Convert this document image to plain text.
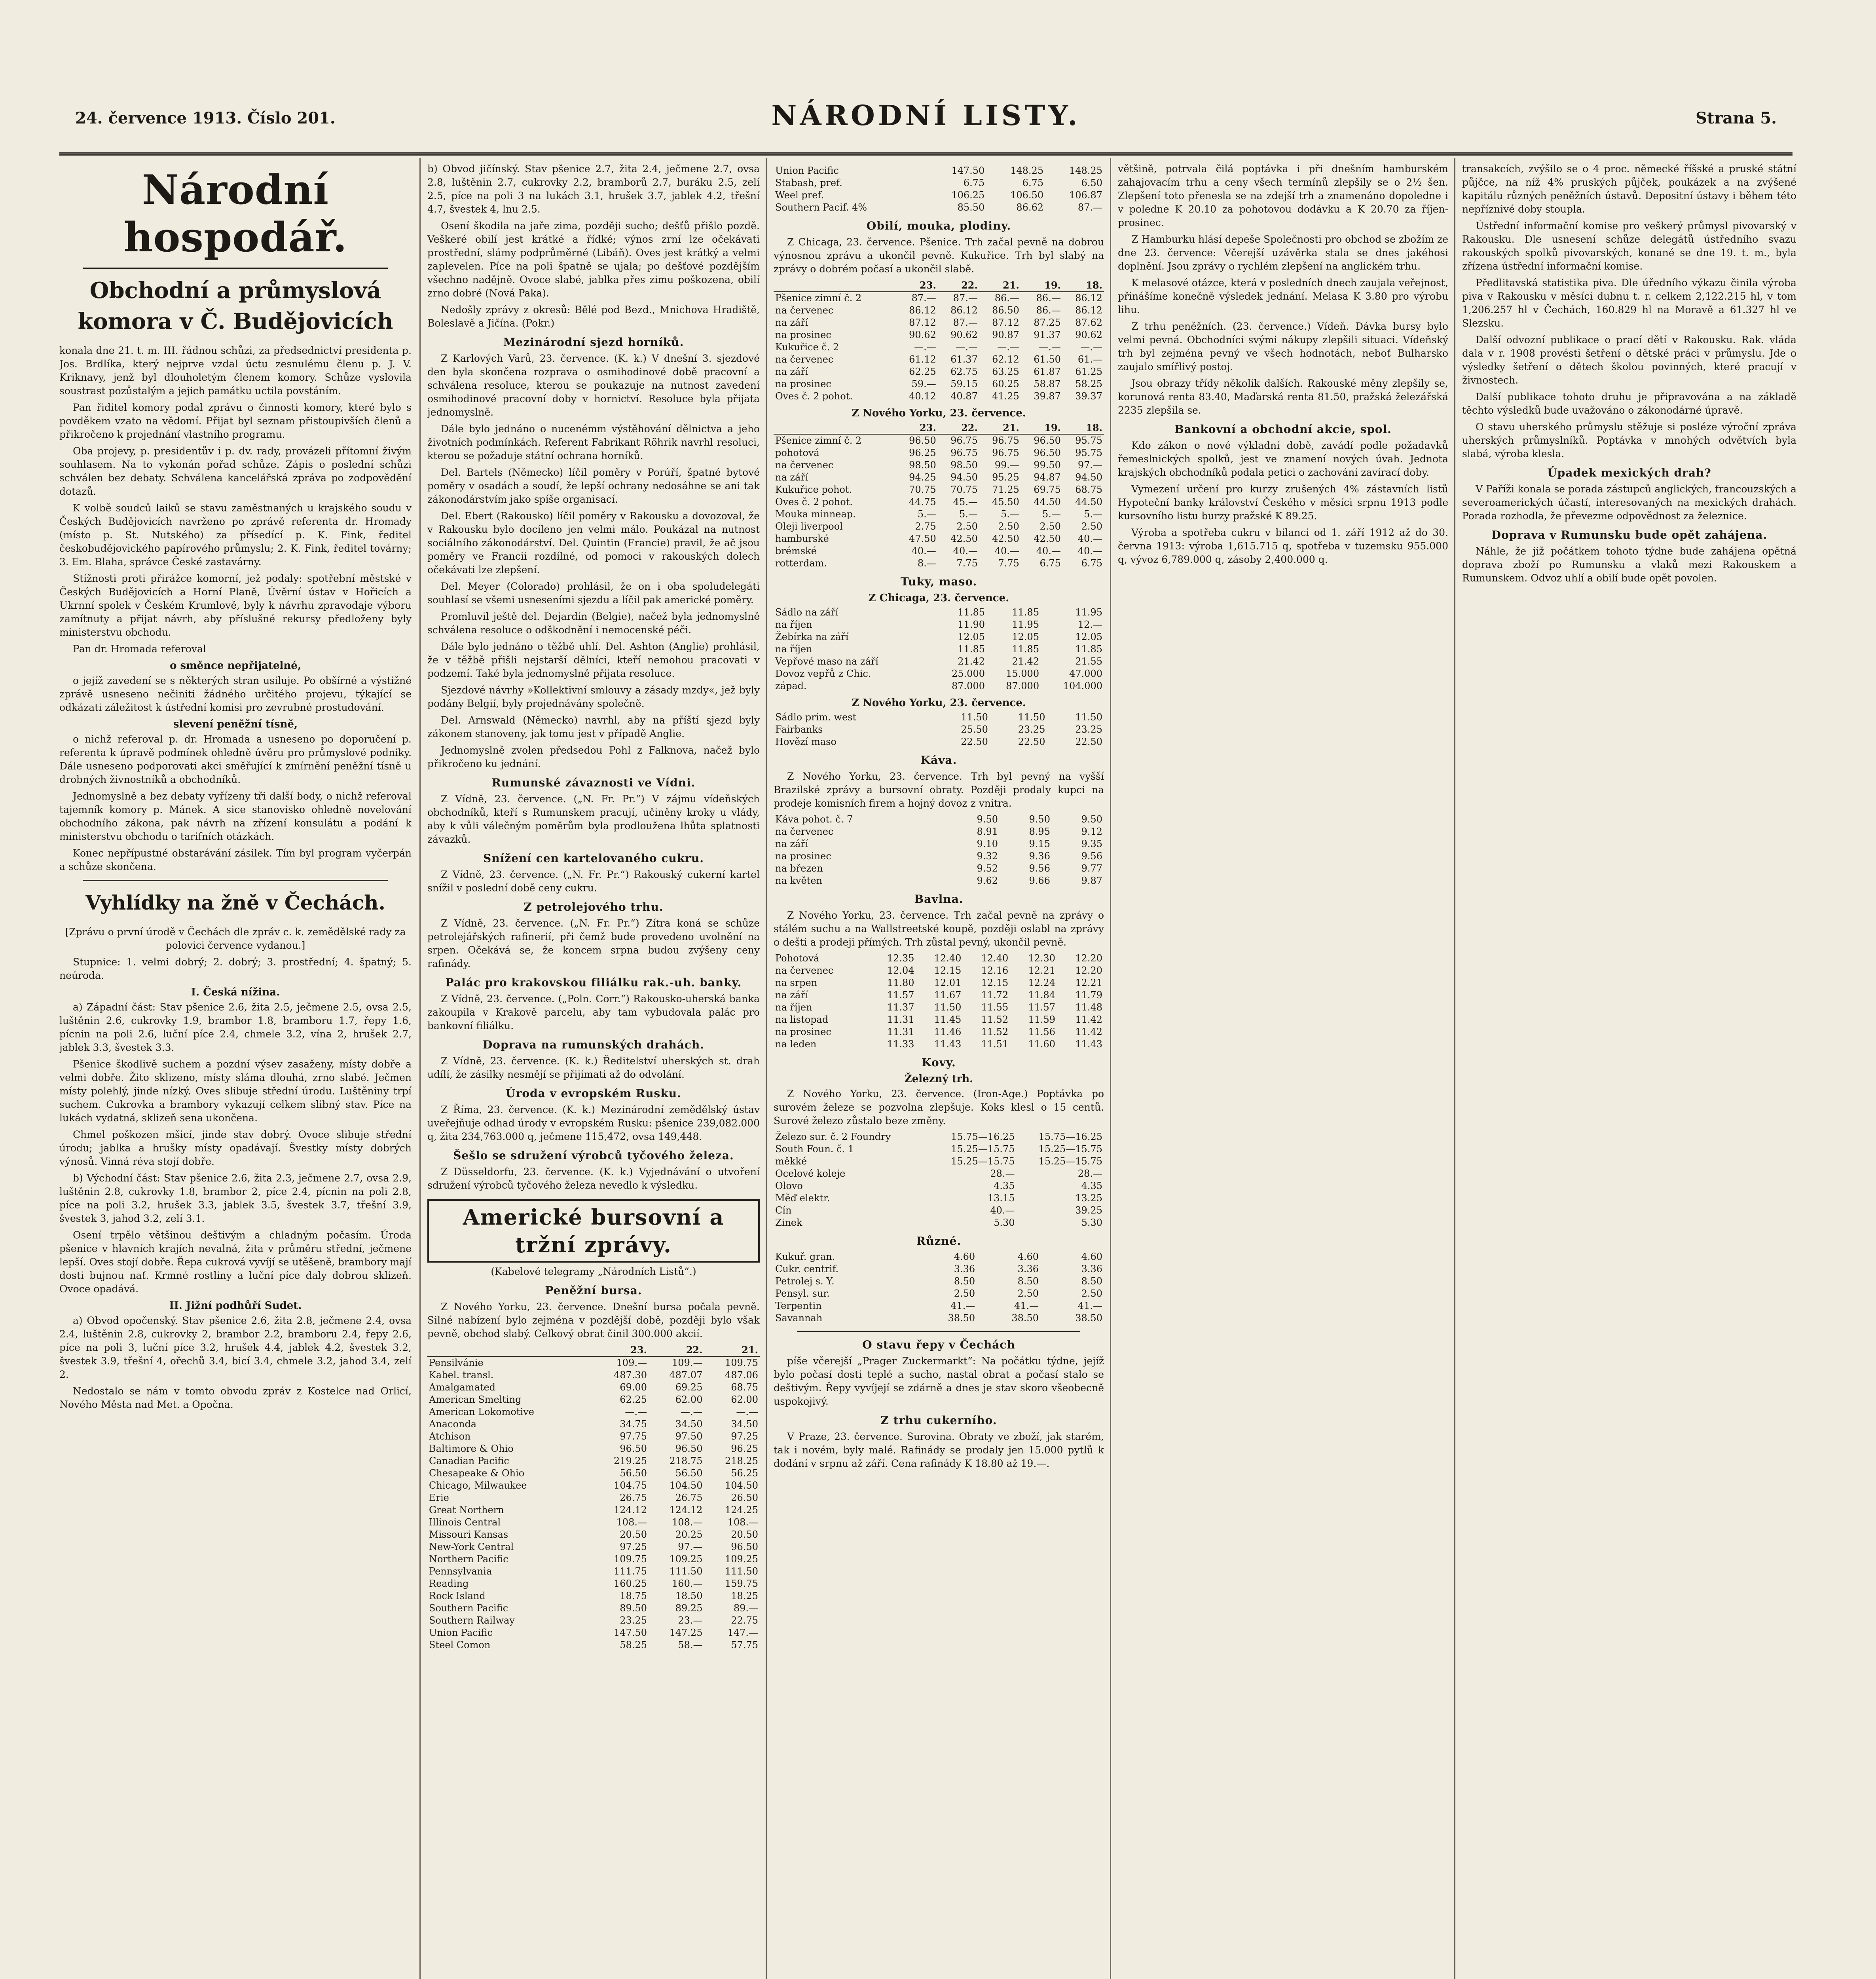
24. července 1913. Číslo 201.	NÁRODNÍ LISTY.	Strana 5.
Národní hospodář.
Obchodní a průmyslová komora v Č. Budějovicích

konala dne 21. t. m. III. řádnou schůzi, za předsednictví presidenta p. Jos. Brdlíka, který nejprve vzdal úctu zesnulému členu p. J. V. Kriknavy, jenž byl dlouholetým členem komory. Schůze vyslovila soustrast pozůstalým a jejich památku uctila povstáním.

Pan řiditel komory podal zprávu o činnosti komory, které bylo s povděkem vzato na vědomí. Přijat byl seznam přistoupivších členů a přikročeno k projednání vlastního programu.

Oba projevy, p. presidentův i p. dv. rady, provázeli přítomní živým souhlasem. Na to vykonán pořad schůze. Zápis o poslední schůzi schválen bez debaty. Schválena kancelářská zpráva po zodpovědění dotazů.

K volbě soudců laiků se stavu zaměstnaných u krajského soudu v Českých Budějovicích navrženo po zprávě referenta dr. Hromady (místo p. St. Nutského) za přísedící p. K. Fink, ředitel českobudějovického papírového průmyslu; 2. K. Fink, ředitel továrny; 3. Em. Blaha, správce České zastavárny.

Stížnosti proti přirážce komorní, jež podaly: spotřební městské v Českých Budějovicích a Horní Planě, Úvěrní ústav v Hořicích a Ukrnní spolek v Českém Krumlově, byly k návrhu zpravodaje výboru zamítnuty a přijat návrh, aby příslušné rekursy předloženy byly ministerstvu obchodu.

Pan dr. Hromada referoval

o směnce nepřijatelné,

o jejíž zavedení se s některých stran usiluje. Po obšírné a výstižné zprávě usneseno nečiniti žádného určitého projevu, týkající se odkázati záležitost k ústřední komisi pro zevrubné prostudování.

slevení peněžní tísně,

o nichž referoval p. dr. Hromada a usneseno po doporučení p. referenta k úpravě podmínek ohledně úvěru pro průmyslové podniky. Dále usneseno podporovati akci směřující k zmírnění peněžní tísně u drobných živnostníků a obchodníků.

Jednomyslně a bez debaty vyřízeny tři další body, o nichž referoval tajemník komory p. Mánek. A sice stanovisko ohledně novelování obchodního zákona, pak návrh na zřízení konsulátu a podání k ministerstvu obchodu o tarifních otázkách.

Konec nepřípustné obstarávání zásilek. Tím byl program vyčerpán a schůze skončena.

Vyhlídky na žně v Čechách.

[Zprávu o první úrodě v Čechách dle zpráv c. k. zemědělské rady za polovici července vydanou.]

Stupnice: 1. velmi dobrý; 2. dobrý; 3. prostřední; 4. špatný; 5. neúroda.

I. Česká nížina.

a) Západní část: Stav pšenice 2.6, žita 2.5, ječmene 2.5, ovsa 2.5, luštěnin 2.6, cukrovky 1.9, brambor 1.8, bramboru 1.7, řepy 1.6, pícnin na poli 2.6, luční píce 2.4, chmele 3.2, vína 2, hrušek 2.7, jablek 3.3, švestek 3.3.

Pšenice škodlivě suchem a pozdní výsev zasaženy, místy dobře a velmi dobře. Žito sklizeno, místy sláma dlouhá, zrno slabé. Ječmen místy polehlý, jinde nízký. Oves slibuje střední úrodu. Luštěniny trpí suchem. Cukrovka a brambory vykazují celkem slibný stav. Píce na lukách vydatná, sklizeň sena ukončena.

Chmel poškozen mšicí, jinde stav dobrý. Ovoce slibuje střední úrodu; jablka a hrušky místy opadávají. Švestky místy dobrých výnosů. Vinná réva stojí dobře.

b) Východní část: Stav pšenice 2.6, žita 2.3, ječmene 2.7, ovsa 2.9, luštěnin 2.8, cukrovky 1.8, brambor 2, píce 2.4, pícnin na poli 2.8, píce na poli 3.2, hrušek 3.3, jablek 3.5, švestek 3.7, třešní 3.9, švestek 3, jahod 3.2, zelí 3.1.

Osení trpělo většinou deštivým a chladným počasím. Úroda pšenice v hlavních krajích nevalná, žita v průměru střední, ječmene lepší. Oves stojí dobře. Řepa cukrová vyvíjí se utěšeně, brambory mají dosti bujnou nať. Krmné rostliny a luční píce daly dobrou sklizeň. Ovoce opadává.

II. Jižní podhůří Sudet.

a) Obvod opočenský. Stav pšenice 2.6, žita 2.8, ječmene 2.4, ovsa 2.4, luštěnin 2.8, cukrovky 2, brambor 2.2, bramboru 2.4, řepy 2.6, píce na poli 3, luční píce 3.2, hrušek 4.4, jablek 4.2, švestek 3.2, švestek 3.9, třešní 4, ořechů 3.4, bicí 3.4, chmele 3.2, jahod 3.4, zelí 2.

Nedostalo se nám v tomto obvodu zpráv z Kostelce nad Orlicí, Nového Města nad Met. a Opočna.

b) Obvod jičínský. Stav pšenice 2.7, žita 2.4, ječmene 2.7, ovsa 2.8, luštěnin 2.7, cukrovky 2.2, bramborů 2.7, buráku 2.5, zelí 2.5, píce na poli 3 na lukách 3.1, hrušek 3.7, jablek 4.2, třešní 4.7, švestek 4, lnu 2.5.

Osení škodila na jaře zima, později sucho; dešťů přišlo pozdě. Veškeré obilí jest krátké a řídké; výnos zrní lze očekávati prostřední, slámy podprůměrné (Libáň). Oves jest krátký a velmi zaplevelen. Píce na poli špatně se ujala; po dešťové pozdějším všechno nadějně. Ovoce slabé, jablka přes zimu poškozena, obilí zrno dobré (Nová Paka).

Nedošly zprávy z okresů: Bělé pod Bezd., Mnichova Hradiště, Boleslavě a Jičína. (Pokr.)

Mezinárodní sjezd horníků.

Z Karlových Varů, 23. července. (K. k.) V dnešní 3. sjezdové den byla skončena rozprava o osmihodinové době pracovní a schválena resoluce, kterou se poukazuje na nutnost zavedení osmihodinové pracovní doby v hornictví. Resoluce byla přijata jednomyslně.

Dále bylo jednáno o nucenémm výstěhování dělnictva a jeho životních podmínkách. Referent Fabrikant Röhrik navrhl resoluci, kterou se požaduje státní ochrana horníků.

Del. Bartels (Německo) líčil poměry v Porúří, špatné bytové poměry v osadách a soudí, že lepší ochrany nedosáhne se ani tak zákonodárstvím jako spíše organisací.

Del. Ebert (Rakousko) líčil poměry v Rakousku a dovozoval, že v Rakousku bylo docíleno jen velmi málo. Poukázal na nutnost sociálního zákonodárství. Del. Quintin (Francie) pravil, že ač jsou poměry ve Francii rozdílné, od pomoci v rakouských dolech očekávati lze zlepšení.

Del. Meyer (Colorado) prohlásil, že on i oba spoludelegáti souhlasí se všemi usneseními sjezdu a líčil pak americké poměry.

Promluvil ještě del. Dejardin (Belgie), načež byla jednomyslně schválena resoluce o odškodnění i nemocenské péči.

Dále bylo jednáno o těžbě uhlí. Del. Ashton (Anglie) prohlásil, že v těžbě přišli nejstarší dělníci, kteří nemohou pracovati v podzemí. Také byla jednomyslně přijata resoluce.

Sjezdové návrhy »Kollektivní smlouvy a zásady mzdy«, jež byly podány Belgií, byly projednávány společně.

Del. Arnswald (Německo) navrhl, aby na příští sjezd byly zákonem stanoveny, jak tomu jest v případě Anglie.

Jednomyslně zvolen předsedou Pohl z Falknova, načež bylo přikročeno ku jednání.

Rumunské závaznosti ve Vídni.

Z Vídně, 23. července. („N. Fr. Pr.“) V zájmu vídeňských obchodníků, kteří s Rumunskem pracují, učiněny kroky u vlády, aby k vůli válečným poměrům byla prodloužena lhůta splatnosti závazků.

Snížení cen kartelovaného cukru.

Z Vídně, 23. července. („N. Fr. Pr.“) Rakouský cukerní kartel snížil v poslední době ceny cukru.

Z petrolejového trhu.

Z Vídně, 23. července. („N. Fr. Pr.“) Zítra koná se schůze petrolejářských rafinerií, při čemž bude provedeno uvolnění na srpen. Očekává se, že koncem srpna budou zvýšeny ceny rafinády.

Palác pro krakovskou filiálku rak.-uh. banky.

Z Vídně, 23. července. („Poln. Corr.“) Rakousko-uherská banka zakoupila v Krakově parcelu, aby tam vybudovala palác pro bankovní filiálku.

Doprava na rumunských drahách.

Z Vídně, 23. července. (K. k.) Ředitelství uherských st. drah udílí, že zásilky nesmějí se přijímati až do odvolání.

Úroda v evropském Rusku.

Z Říma, 23. července. (K. k.) Mezinárodní zemědělský ústav uveřejňuje odhad úrody v evropském Rusku: pšenice 239,082.000 q, žita 234,763.000 q, ječmene 115,472, ovsa 149,448.

Šešlo se sdružení výrobců tyčového železa.

Z Düsseldorfu, 23. července. (K. k.) Vyjednávání o utvoření sdružení výrobců tyčového železa nevedlo k výsledku.

Americké bursovní a tržní zprávy.

(Kabelové telegramy „Národních Listů“.)

Peněžní bursa.

Z Nového Yorku, 23. července. Dnešní bursa počala pevně. Silné nabízení bylo zejména v pozdější době, později bylo však pevně, obchod slabý. Celkový obrat činil 300.000 akcií.

	23.	22.	21.
Pensilvánie	109.—	109.—	109.75
Kabel. transl.	487.30	487.07	487.06
Amalgamated	69.00	69.25	68.75
American Smelting	62.25	62.00	62.00
American Lokomotive	—.—	—.—	—.—
Anaconda	34.75	34.50	34.50
Atchison	97.75	97.50	97.25
Baltimore & Ohio	96.50	96.50	96.25
Canadian Pacific	219.25	218.75	218.25
Chesapeake & Ohio	56.50	56.50	56.25
Chicago, Milwaukee	104.75	104.50	104.50
Erie	26.75	26.75	26.50
Great Northern	124.12	124.12	124.25
Illinois Central	108.—	108.—	108.—
Missouri Kansas	20.50	20.25	20.50
New-York Central	97.25	97.—	96.50
Northern Pacific	109.75	109.25	109.25
Pennsylvania	111.75	111.50	111.50
Reading	160.25	160.—	159.75
Rock Island	18.75	18.50	18.25
Southern Pacific	89.50	89.25	89.—
Southern Railway	23.25	23.—	22.75
Union Pacific	147.50	147.25	147.—
Steel Comon	58.25	58.—	57.75
Union Pacific	147.50	148.25	148.25
Stabash, pref.	6.75	6.75	6.50
Weel pref.	106.25	106.50	106.87
Southern Pacif. 4%	85.50	86.62	87.—
Obilí, mouka, plodiny.

Z Chicaga, 23. července. Pšenice. Trh začal pevně na dobrou výnosnou zprávu a ukončil pevně. Kukuřice. Trh byl slabý na zprávy o dobrém počasí a ukončil slabě.

	23.	22.	21.	19.	18.
Pšenice zimní č. 2	87.—	87.—	86.—	86.—	86.12
na červenec	86.12	86.12	86.50	86.—	86.12
na září	87.12	87.—	87.12	87.25	87.62
na prosinec	90.62	90.62	90.87	91.37	90.62
Kukuřice č. 2	—.—	—.—	—.—	—.—	—.—
na červenec	61.12	61.37	62.12	61.50	61.—
na září	62.25	62.75	63.25	61.87	61.25
na prosinec	59.—	59.15	60.25	58.87	58.25
Oves č. 2 pohot.	40.12	40.87	41.25	39.87	39.37
Z Nového Yorku, 23. července.
	23.	22.	21.	19.	18.
Pšenice zimní č. 2	96.50	96.75	96.75	96.50	95.75
pohotová	96.25	96.75	96.75	96.50	95.75
na červenec	98.50	98.50	99.—	99.50	97.—
na září	94.25	94.50	95.25	94.87	94.50
Kukuřice pohot.	70.75	70.75	71.25	69.75	68.75
Oves č. 2 pohot.	44.75	45.—	45.50	44.50	44.50
Mouka minneap.	5.—	5.—	5.—	5.—	5.—
Oleji liverpool	2.75	2.50	2.50	2.50	2.50
hamburské	47.50	42.50	42.50	42.50	40.—
brémské	40.—	40.—	40.—	40.—	40.—
rotterdam.	8.—	7.75	7.75	6.75	6.75
Tuky, maso.
Z Chicaga, 23. července.
Sádlo na září	11.85	11.85	11.95
na říjen	11.90	11.95	12.—
Žebírka na září	12.05	12.05	12.05
na říjen	11.85	11.85	11.85
Vepřové maso na září	21.42	21.42	21.55
Dovoz vepřů z Chic.	25.000	15.000	47.000
západ.	87.000	87.000	104.000
Z Nového Yorku, 23. července.
Sádlo prim. west	11.50	11.50	11.50
Fairbanks	25.50	23.25	23.25
Hovězí maso	22.50	22.50	22.50
Káva.

Z Nového Yorku, 23. července. Trh byl pevný na vyšší Brazilské zprávy a bursovní obraty. Později prodaly kupci na prodeje komisních firem a hojný dovoz z vnitra.

Káva pohot. č. 7	9.50	9.50	9.50
na červenec	8.91	8.95	9.12
na září	9.10	9.15	9.35
na prosinec	9.32	9.36	9.56
na březen	9.52	9.56	9.77
na květen	9.62	9.66	9.87
Bavlna.

Z Nového Yorku, 23. července. Trh začal pevně na zprávy o stálém suchu a na Wallstreetské koupě, později oslabl na zprávy o dešti a prodeji přímých. Trh zůstal pevný, ukončil pevně.

Pohotová	12.35	12.40	12.40	12.30	12.20
na červenec	12.04	12.15	12.16	12.21	12.20
na srpen	11.80	12.01	12.15	12.24	12.21
na září	11.57	11.67	11.72	11.84	11.79
na říjen	11.37	11.50	11.55	11.57	11.48
na listopad	11.31	11.45	11.52	11.59	11.42
na prosinec	11.31	11.46	11.52	11.56	11.42
na leden	11.33	11.43	11.51	11.60	11.43
Kovy.
Železný trh.

Z Nového Yorku, 23. července. (Iron-Age.) Poptávka po surovém železe se pozvolna zlepšuje. Koks klesl o 15 centů. Surové železo zůstalo beze změny.

Železo sur. č. 2 Foundry	15.75—16.25	15.75—16.25
South Foun. č. 1	15.25—15.75	15.25—15.75
měkké	15.25—15.75	15.25—15.75
Ocelové koleje	28.—	28.—
Olovo	4.35	4.35
Měď elektr.	13.15	13.25
Cín	40.—	39.25
Zinek	5.30	5.30
Různé.
Kukuř. gran.	4.60	4.60	4.60
Cukr. centrif.	3.36	3.36	3.36
Petrolej s. Y.	8.50	8.50	8.50
Pensyl. sur.	2.50	2.50	2.50
Terpentin	41.—	41.—	41.—
Savannah	38.50	38.50	38.50
O stavu řepy v Čechách

píše včerejší „Prager Zuckermarkt“: Na počátku týdne, jejíž bylo počasí dosti teplé a sucho, nastal obrat a počasí stalo se deštivým. Řepy vyvíjejí se zdárně a dnes je stav skoro všeobecně uspokojivý.

Z trhu cukerního.

V Praze, 23. července. Surovina. Obraty ve zboží, jak starém, tak i novém, byly malé. Rafinády se prodaly jen 15.000 pytlů k dodání v srpnu až září. Cena rafinády K 18.80 až 19.—.

většině, potrvala čilá poptávka i při dnešním hamburském zahajovacím trhu a ceny všech termínů zlepšily se o 2½ šen. Zlepšení toto přenesla se na zdejší trh a znamenáno dopoledne i v poledne K 20.10 za pohotovou dodávku a K 20.70 za říjen-prosinec.

Z Hamburku hlásí depeše Společnosti pro obchod se zbožím ze dne 23. července: Včerejší uzávěrka stala se dnes jakéhosi doplnění. Jsou zprávy o rychlém zlepšení na anglickém trhu.

K melasové otázce, která v posledních dnech zaujala veřejnost, přinášíme konečně výsledek jednání. Melasa K 3.80 pro výrobu lihu.

Z trhu peněžních. (23. července.) Vídeň. Dávka bursy bylo velmi pevná. Obchodníci svými nákupy zlepšili situaci. Vídeňský trh byl zejména pevný ve všech hodnotách, neboť Bulharsko zaujalo smířlivý postoj.

Jsou obrazy třídy několik dalších. Rakouské měny zlepšily se, korunová renta 83.40, Maďarská renta 81.50, pražská železářská 2235 zlepšila se.

Bankovní a obchodní akcie, spol.

Kdo zákon o nové výkladní době, zavádí podle požadavků řemeslnických spolků, jest ve znamení nových úvah. Jednota krajských obchodníků podala petici o zachování zavírací doby.

Vymezení určení pro kurzy zrušených 4% zástavních listů Hypoteční banky království Českého v měsíci srpnu 1913 podle kursovního listu burzy pražské K 89.25.

Výroba a spotřeba cukru v bilanci od 1. září 1912 až do 30. června 1913: výroba 1,615.715 q, spotřeba v tuzemsku 955.000 q, vývoz 6,789.000 q, zásoby 2,400.000 q.

transakcích, zvýšilo se o 4 proc. německé říšské a pruské státní půjčce, na níž 4% pruských půjček, poukázek a na zvýšené kapitálu různých peněžních ústavů. Depositní ústavy i během této nepříznivé doby stoupla.

Ústřední informační komise pro veškerý průmysl pivovarský v Rakousku. Dle usnesení schůze delegátů ústředního svazu rakouských spolků pivovarských, konané se dne 19. t. m., byla zřízena ústřední informační komise.

Předlitavská statistika piva. Dle úředního výkazu činila výroba piva v Rakousku v měsíci dubnu t. r. celkem 2,122.215 hl, v tom 1,206.257 hl v Čechách, 160.829 hl na Moravě a 61.327 hl ve Slezsku.

Další odvozní publikace o prací dětí v Rakousku. Rak. vláda dala v r. 1908 provésti šetření o dětské práci v průmyslu. Jde o výsledky šetření o dětech školou povinných, které pracují v živnostech.

Další publikace tohoto druhu je připravována a na základě těchto výsledků bude uvažováno o zákonodárné úpravě.

O stavu uherského průmyslu stěžuje si posléze výroční zpráva uherských průmyslníků. Poptávka v mnohých odvětvích byla slabá, výroba klesla.

Úpadek mexických drah?

V Paříži konala se porada zástupců anglických, francouzských a severoamerických účastí, interesovaných na mexických drahách. Porada rozhodla, že převezme odpovědnost za železnice.

Doprava v Rumunsku bude opět zahájena.

Náhle, že již počátkem tohoto týdne bude zahájena opětná doprava zboží po Rumunsku a vlaků mezi Rakouskem a Rumunskem. Odvoz uhlí a obilí bude opět povolen.
